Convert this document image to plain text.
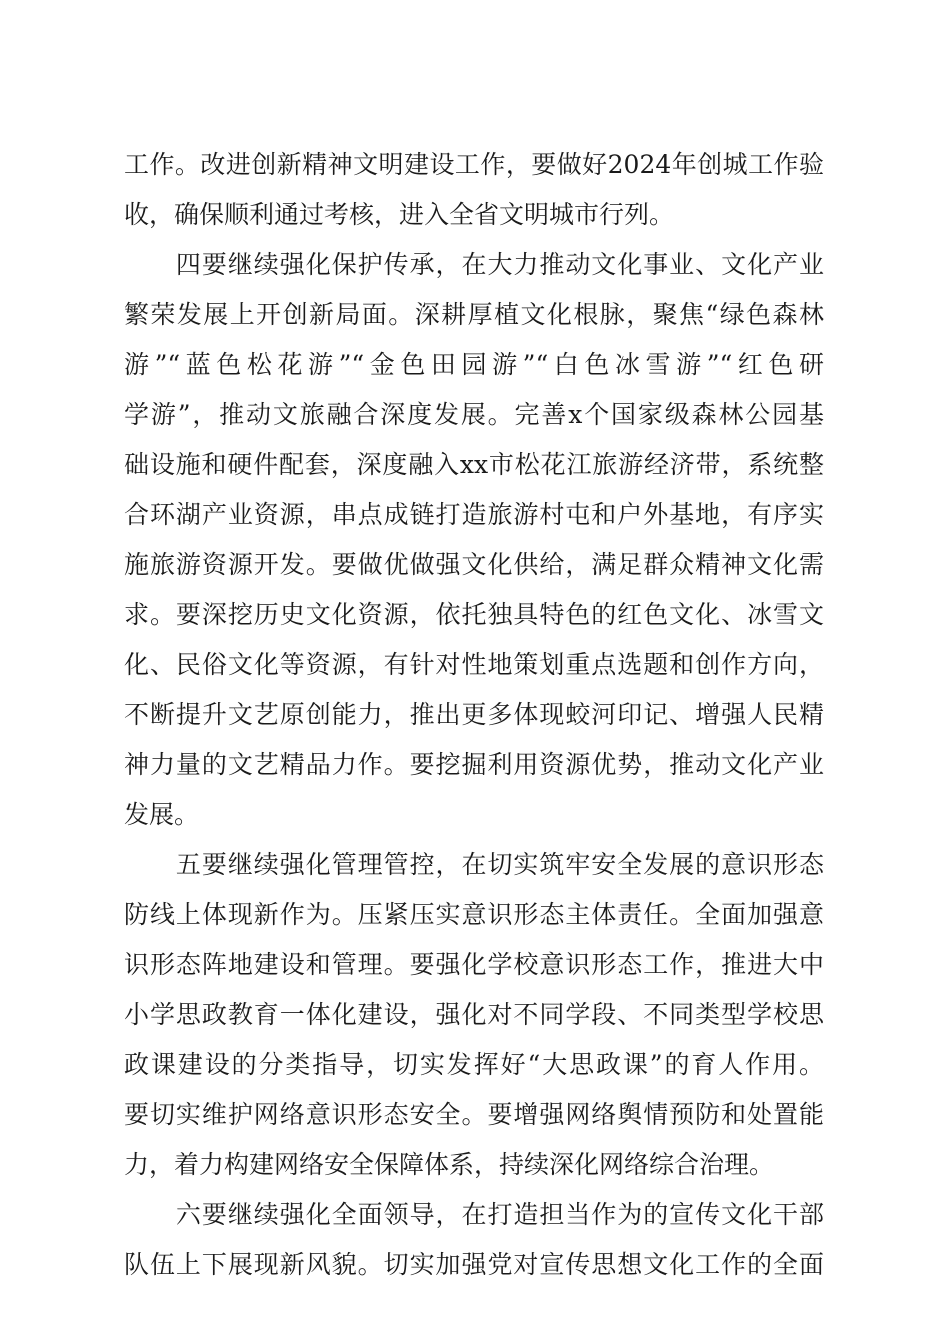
工作。改进创新精神文明建设工作，要做好2024年创城工作验
收，确保顺利通过考核，进入全省文明城市行列。
　　四要继续强化保护传承，在大力推动文化事业、文化产业
繁荣发展上开创新局面。深耕厚植文化根脉，聚焦“绿色森林
游”“蓝色松花游”“金色田园游”“白色冰雪游”“红色研
学游”，推动文旅融合深度发展。完善x个国家级森林公园基
础设施和硬件配套，深度融入xx市松花江旅游经济带，系统整
合环湖产业资源，串点成链打造旅游村屯和户外基地，有序实
施旅游资源开发。要做优做强文化供给，满足群众精神文化需
求。要深挖历史文化资源，依托独具特色的红色文化、冰雪文
化、民俗文化等资源，有针对性地策划重点选题和创作方向，
不断提升文艺原创能力，推出更多体现蛟河印记、增强人民精
神力量的文艺精品力作。要挖掘利用资源优势，推动文化产业
发展。
　　五要继续强化管理管控，在切实筑牢安全发展的意识形态
防线上体现新作为。压紧压实意识形态主体责任。全面加强意
识形态阵地建设和管理。要强化学校意识形态工作，推进大中
小学思政教育一体化建设，强化对不同学段、不同类型学校思
政课建设的分类指导，切实发挥好“大思政课”的育人作用。
要切实维护网络意识形态安全。要增强网络舆情预防和处置能
力，着力构建网络安全保障体系，持续深化网络综合治理。
　　六要继续强化全面领导，在打造担当作为的宣传文化干部
队伍上下展现新风貌。切实加强党对宣传思想文化工作的全面
